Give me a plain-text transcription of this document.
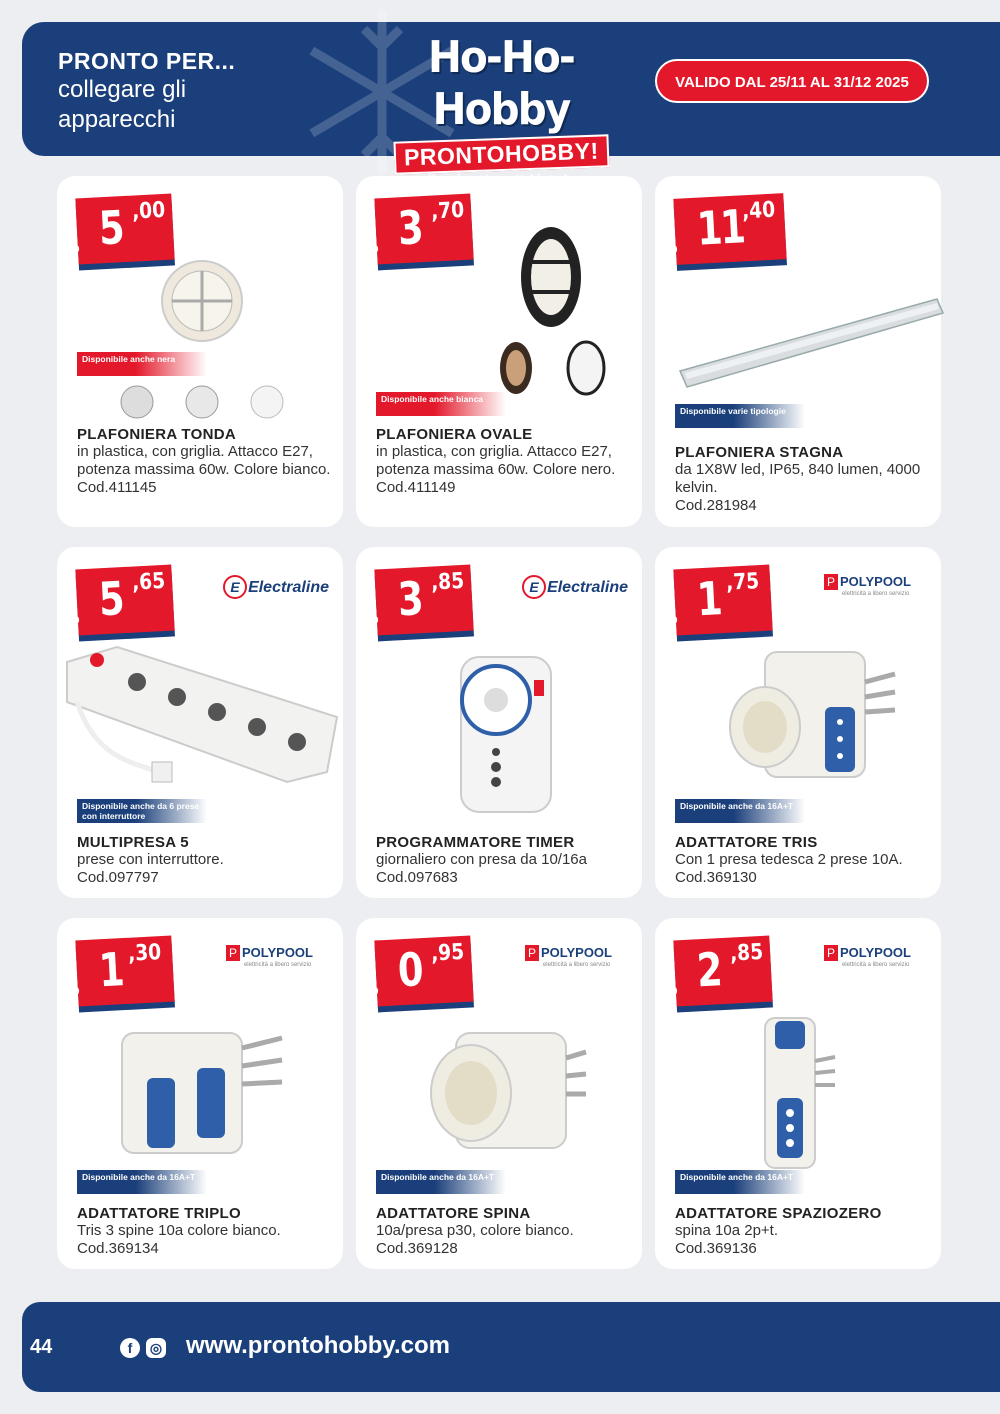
PRONTO PER...
collegare gli
apparecchi
Ho-Ho-Hobby
PRONTOHOBBY!
VALIDO DAL 25/11 AL 31/12 2025
€ 5 ,00
Disponibile anche nera
PLAFONIERA TONDA
in plastica, con griglia. Attacco E27, potenza massima 60w. Colore bianco.
Cod.411145
€ 3 ,70
Disponibile anche bianca
PLAFONIERA OVALE
in plastica, con griglia. Attacco E27, potenza massima 60w. Colore nero.
Cod.411149
€ 11
,40
Disponibile varie tipologie
PLAFONIERA STAGNA
da 1X8W led, IP65, 840 lumen, 4000 kelvin.
Cod.281984
€ 5 ,65	E Electraline
Disponibile anche da 6 prese con interruttore
MULTIPRESA 5
prese con interruttore.
Cod.097797
€ 3 ,85	E Electraline
PROGRAMMATORE TIMER
giornaliero con presa da 10/16a
Cod.097683
€ 1 ,75	P POLYPOOL
elettricità a libero servizio
Disponibile anche da 16A+T
ADATTATORE TRIS
Con 1 presa tedesca 2 prese 10A.
Cod.369130
€ 1 ,30	P POLYPOOL
elettricità a libero servizio
Disponibile anche da 16A+T
ADATTATORE TRIPLO
Tris 3 spine 10a colore bianco.
Cod.369134
€ 0 ,95	P POLYPOOL
elettricità a libero servizio
Disponibile anche da 16A+T
ADATTATORE SPINA
10a/presa p30, colore bianco.
Cod.369128
€ 2 ,85	P POLYPOOL
elettricità a libero servizio
Disponibile anche da 16A+T
ADATTATORE SPAZIOZERO
spina 10a 2p+t.
Cod.369136
44	f ◎ www.prontohobby.com
